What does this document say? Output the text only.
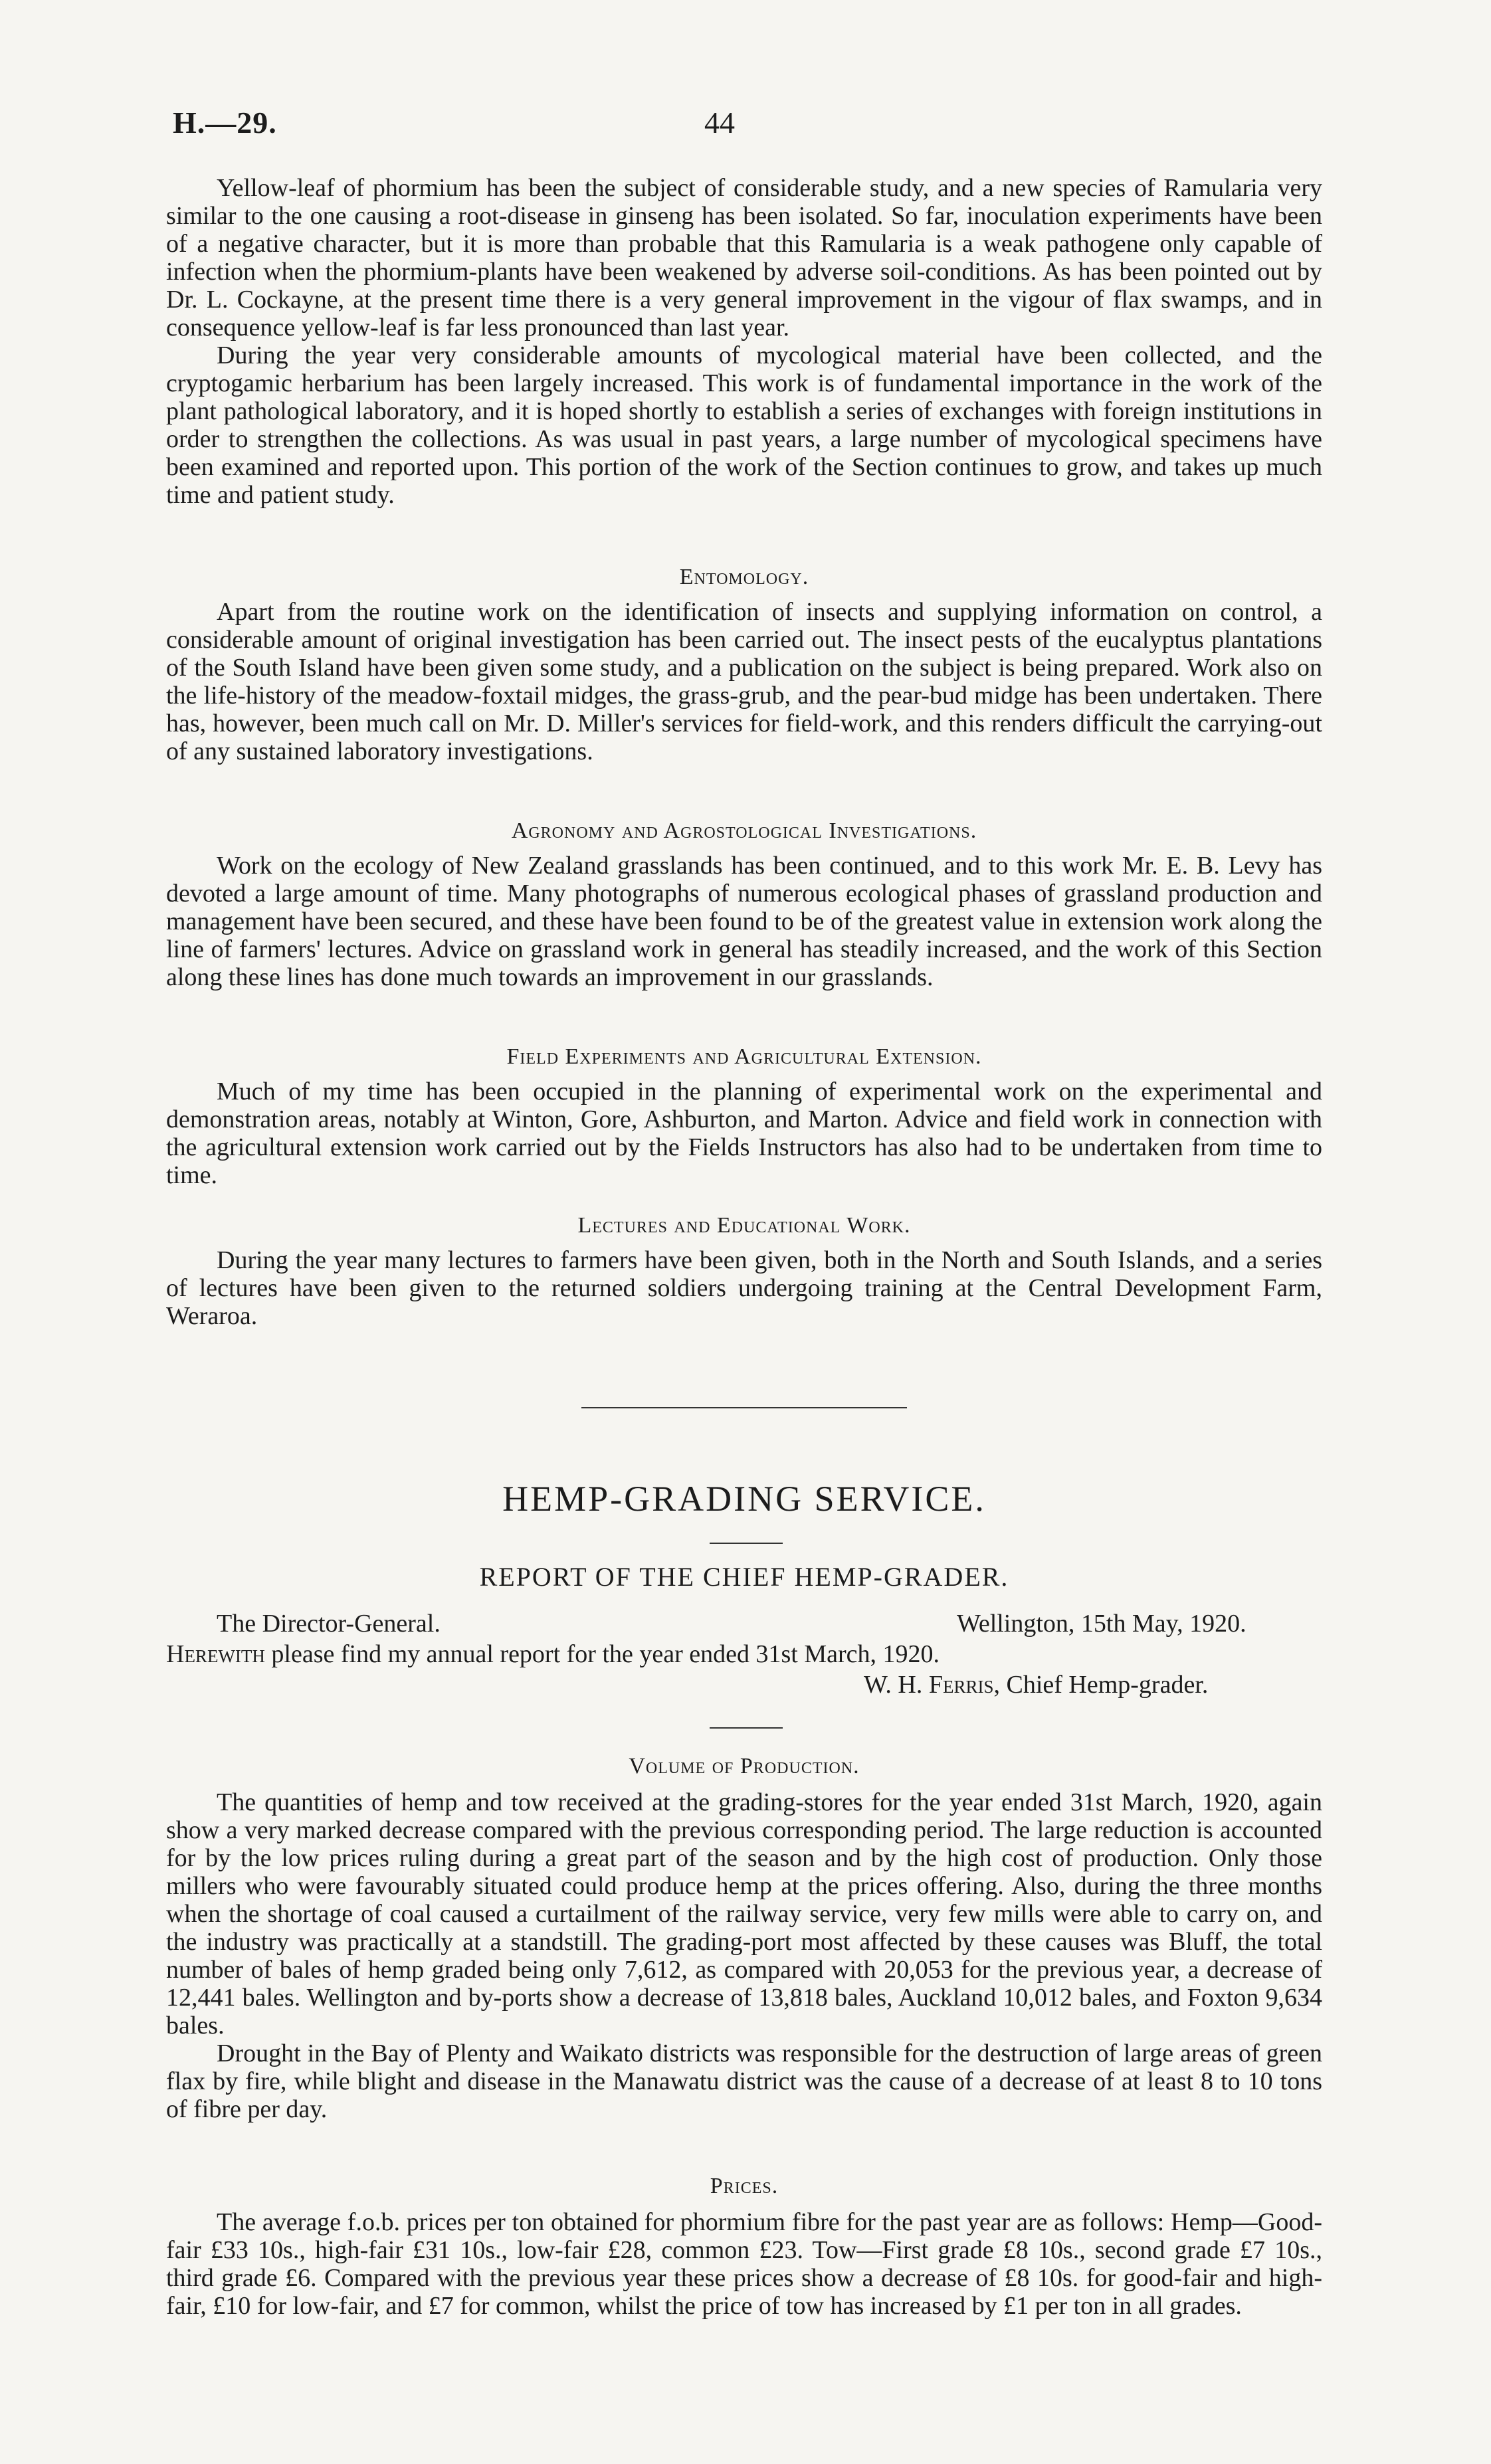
H.—29.	44

Yellow-leaf of phormium has been the subject of considerable study, and a new species of Ramularia very similar to the one causing a root-disease in ginseng has been isolated. So far, inoculation experiments have been of a negative character, but it is more than probable that this Ramularia is a weak pathogene only capable of infection when the phormium-plants have been weakened by adverse soil-conditions. As has been pointed out by Dr. L. Cockayne, at the present time there is a very general improvement in the vigour of flax swamps, and in consequence yellow-leaf is far less pronounced than last year.

During the year very considerable amounts of mycological material have been collected, and the cryptogamic herbarium has been largely increased. This work is of fundamental importance in the work of the plant pathological laboratory, and it is hoped shortly to establish a series of exchanges with foreign institutions in order to strengthen the collections. As was usual in past years, a large number of mycological specimens have been examined and reported upon. This portion of the work of the Section continues to grow, and takes up much time and patient study.

Entomology.

Apart from the routine work on the identification of insects and supplying information on control, a considerable amount of original investigation has been carried out. The insect pests of the eucalyptus plantations of the South Island have been given some study, and a publication on the subject is being prepared. Work also on the life-history of the meadow-foxtail midges, the grass-grub, and the pear-bud midge has been undertaken. There has, however, been much call on Mr. D. Miller's services for field-work, and this renders difficult the carrying-out of any sustained laboratory investigations.

Agronomy and Agrostological Investigations.

Work on the ecology of New Zealand grasslands has been continued, and to this work Mr. E. B. Levy has devoted a large amount of time. Many photographs of numerous ecological phases of grassland production and management have been secured, and these have been found to be of the greatest value in extension work along the line of farmers' lectures. Advice on grassland work in general has steadily increased, and the work of this Section along these lines has done much towards an improvement in our grasslands.

Field Experiments and Agricultural Extension.

Much of my time has been occupied in the planning of experimental work on the experimental and demonstration areas, notably at Winton, Gore, Ashburton, and Marton. Advice and field work in connection with the agricultural extension work carried out by the Fields Instructors has also had to be undertaken from time to time.

Lectures and Educational Work.

During the year many lectures to farmers have been given, both in the North and South Islands, and a series of lectures have been given to the returned soldiers undergoing training at the Central Development Farm, Weraroa.

HEMP-GRADING SERVICE.
REPORT OF THE CHIEF HEMP-GRADER.
The Director-General.	Wellington, 15th May, 1920.
Herewith please find my annual report for the year ended 31st March, 1920.
W. H. Ferris, Chief Hemp-grader.

Volume of Production.

The quantities of hemp and tow received at the grading-stores for the year ended 31st March, 1920, again show a very marked decrease compared with the previous corresponding period. The large reduction is accounted for by the low prices ruling during a great part of the season and by the high cost of production. Only those millers who were favourably situated could produce hemp at the prices offering. Also, during the three months when the shortage of coal caused a curtailment of the railway service, very few mills were able to carry on, and the industry was practically at a standstill. The grading-port most affected by these causes was Bluff, the total number of bales of hemp graded being only 7,612, as compared with 20,053 for the previous year, a decrease of 12,441 bales. Wellington and by-ports show a decrease of 13,818 bales, Auckland 10,012 bales, and Foxton 9,634 bales.

Drought in the Bay of Plenty and Waikato districts was responsible for the destruction of large areas of green flax by fire, while blight and disease in the Manawatu district was the cause of a decrease of at least 8 to 10 tons of fibre per day.

Prices.

The average f.o.b. prices per ton obtained for phormium fibre for the past year are as follows: Hemp—Good-fair £33 10s., high-fair £31 10s., low-fair £28, common £23. Tow—First grade £8 10s., second grade £7 10s., third grade £6. Compared with the previous year these prices show a decrease of £8 10s. for good-fair and high-fair, £10 for low-fair, and £7 for common, whilst the price of tow has increased by £1 per ton in all grades.
